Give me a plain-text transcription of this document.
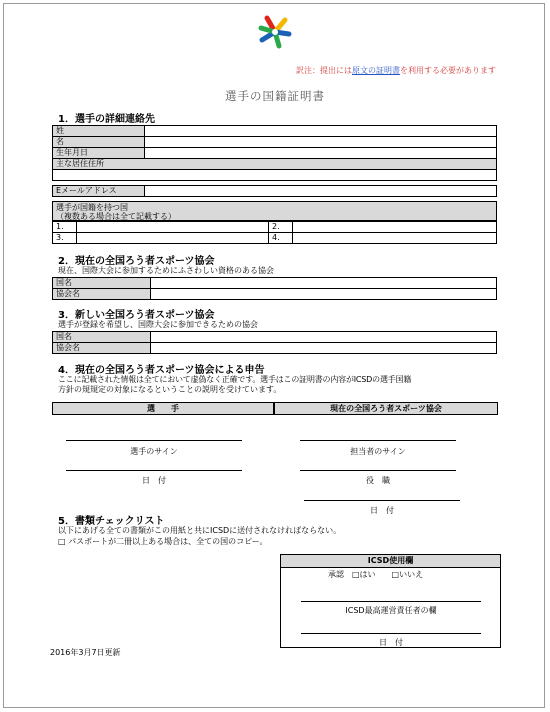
訳注：提出には原文の証明書を利用する必要があります
選手の国籍証明書
1．選手の詳細連絡先
姓	
名	
生年月日	
主な居住住所	

Eメールアドレス	
選手が国籍を持つ国
（複数ある場合は全て記載する）
1.		2.	
3.		4.	
2．現在の全国ろう者スポーツ協会
現在、国際大会に参加するためにふさわしい資格のある協会
国名	
協会名	
3．新しい全国ろう者スポーツ協会
選手が登録を希望し、国際大会に参加できるための協会
国名	
協会名	
4．現在の全国ろう者スポーツ協会による申告
ここに記載された情報は全てにおいて虚偽なく正確です。選手はこの証明書の内容がICSDの選手国籍
方針の規規定の対象になるということの説明を受けています。
選　　手	現在の全国ろう者スポーツ協会
選手のサイン
日　付
担当者のサイン
役　職
日　付
5．書類チェックリスト
以下にあげる全ての書類がこの用紙と共にICSDに送付されなければならない。
□ パスポートが二冊以上ある場合は、全ての国のコピー。
ICSD使用欄
承認　□はい　　□いいえ
ICSD最高運営責任者の欄
日　付
2016年3月7日更新
